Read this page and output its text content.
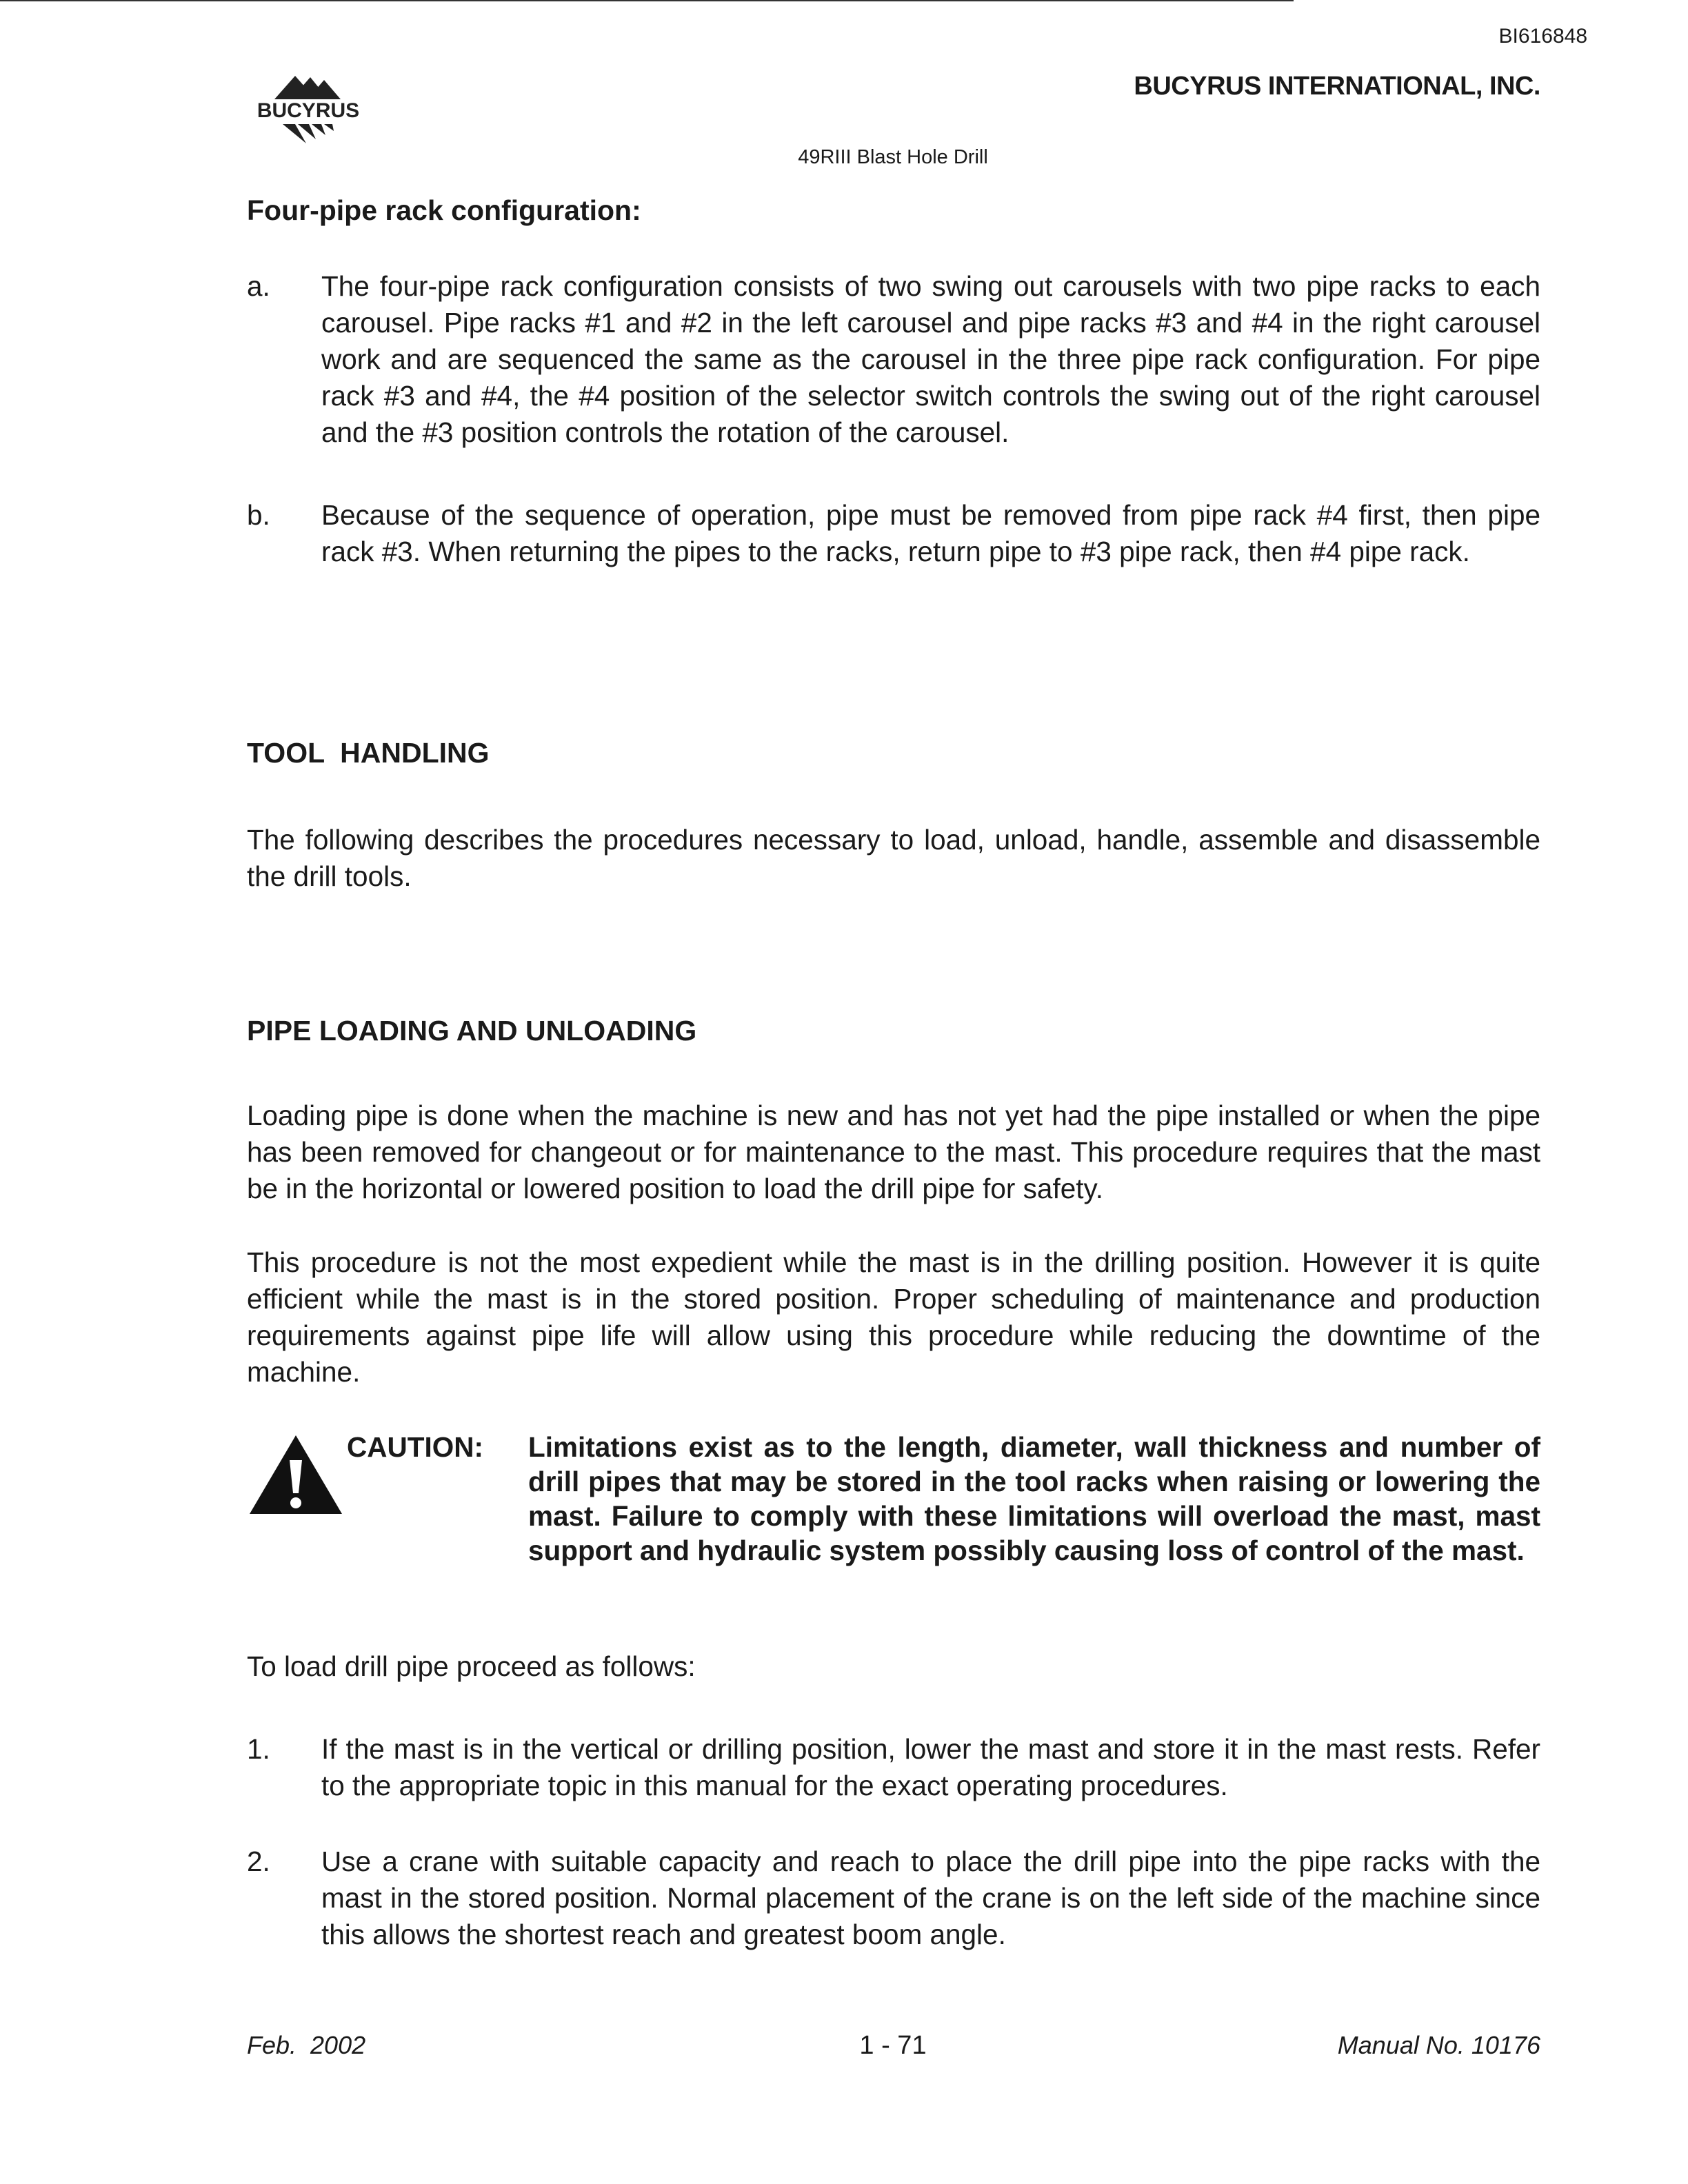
BI616848
BUCYRUS
BUCYRUS INTERNATIONAL, INC.
49RIII Blast Hole Drill
Four-pipe rack configuration:
a. The four-pipe rack configuration consists of two swing out carousels with two pipe racks to each carousel. Pipe racks #1 and #2 in the left carousel and pipe racks #3 and #4 in the right carousel work and are sequenced the same as the carousel in the three pipe rack configuration. For pipe rack #3 and #4, the #4 position of the selector switch controls the swing out of the right carousel and the #3 position controls the rotation of the carousel.
b. Because of the sequence of operation, pipe must be removed from pipe rack #4 first, then pipe rack #3. When returning the pipes to the racks, return pipe to #3 pipe rack, then #4 pipe rack.
TOOL  HANDLING

The following describes the procedures necessary to load, unload, handle, assemble and disassemble the drill tools.

PIPE LOADING AND UNLOADING

Loading pipe is done when the machine is new and has not yet had the pipe installed or when the pipe has been removed for changeout or for maintenance to the mast. This procedure requires that the mast be in the horizontal or lowered position to load the drill pipe for safety.

This procedure is not the most expedient while the mast is in the drilling position. However it is quite efficient while the mast is in the stored position. Proper scheduling of maintenance and production requirements against pipe life will allow using this procedure while reducing the downtime of the machine.

CAUTION: Limitations exist as to the length, diameter, wall thickness and number of drill pipes that may be stored in the tool racks when raising or lowering the mast. Failure to comply with these limitations will overload the mast, mast support and hydraulic system possibly causing loss of control of the mast.

To load drill pipe proceed as follows:

1. If the mast is in the vertical or drilling position, lower the mast and store it in the mast rests. Refer to the appropriate topic in this manual for the exact operating procedures.
2. Use a crane with suitable capacity and reach to place the drill pipe into the pipe racks with the mast in the stored position. Normal placement of the crane is on the left side of the machine since this allows the shortest reach and greatest boom angle.
Feb.  2002	1 - 71	Manual No. 10176
